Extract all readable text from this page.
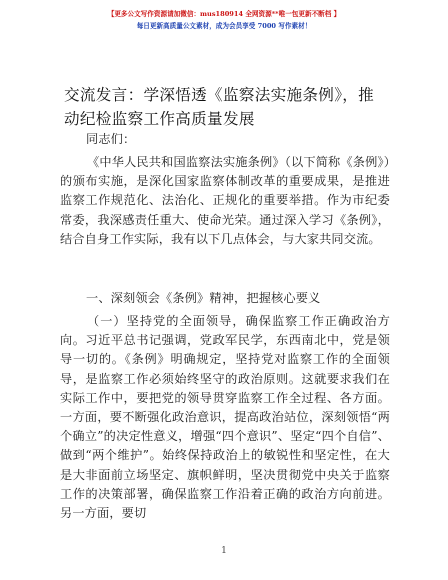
【更多公文写作资源请加微信：mus180914 全网资源**唯一包更新不断档 】
每日更新高质量公文素材，成为会员享受 7000 写作素材！
交流发言：学深悟透《监察法实施条例》，推动纪检监察工作高质量发展
同志们：
《中华人民共和国监察法实施条例》（以下简称《条例》）的颁布实施，是深化国家监察体制改革的重要成果，是推进监察工作规范化、法治化、正规化的重要举措。作为市纪委常委，我深感责任重大、使命光荣。通过深入学习《条例》，结合自身工作实际，我有以下几点体会，与大家共同交流。
一、深刻领会《条例》精神，把握核心要义
（一）坚持党的全面领导，确保监察工作正确政治方向。习近平总书记强调，党政军民学，东西南北中，党是领导一切的。《条例》明确规定，坚持党对监察工作的全面领导，是监察工作必须始终坚守的政治原则。这就要求我们在实际工作中，要把党的领导贯穿监察工作全过程、各方面。一方面，要不断强化政治意识，提高政治站位，深刻领悟“两个确立”的决定性意义，增强“四个意识”、坚定“四个自信”、做到“两个维护”。始终保持政治上的敏锐性和坚定性，在大是大非面前立场坚定、旗帜鲜明，坚决贯彻党中央关于监察工作的决策部署，确保监察工作沿着正确的政治方向前进。另一方面，要切
1
